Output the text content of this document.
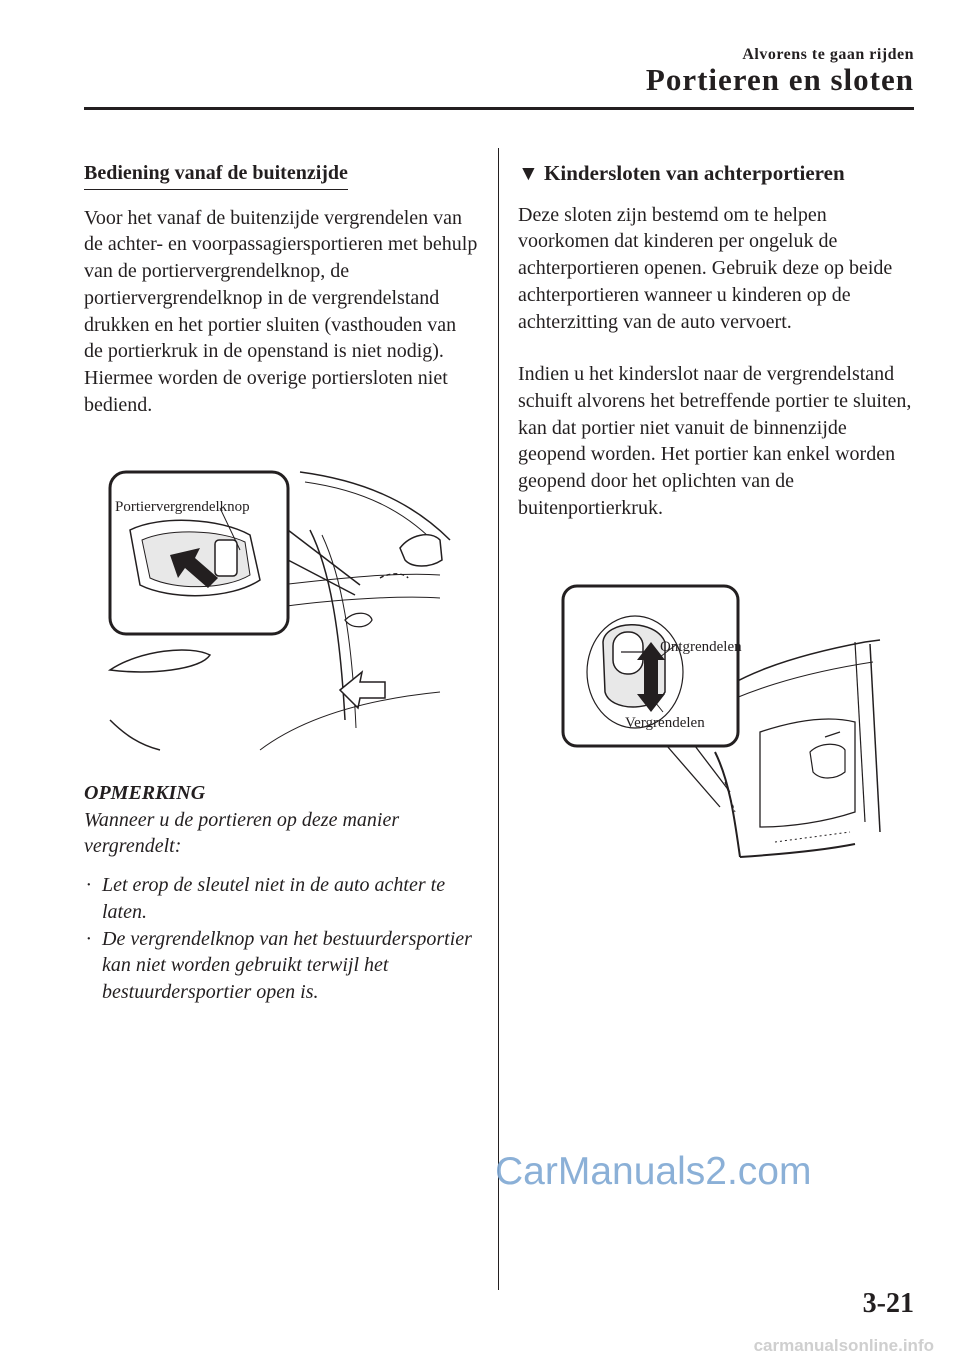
Alvorens te gaan rijden
Portieren en sloten
Bediening vanaf de buitenzijde

Voor het vanaf de buitenzijde vergrendelen van de achter- en voorpassagiersportieren met behulp van de portiervergrendelknop, de portiervergrendelknop in de vergrendelstand drukken en het portier sluiten (vasthouden van de portierkruk in de openstand is niet nodig).

Hiermee worden de overige portiersloten niet bediend.

Portiervergrendelknop
OPMERKING
Wanneer u de portieren op deze manier vergrendelt:
· Let erop de sleutel niet in de auto achter te laten.
· De vergrendelknop van het bestuurdersportier kan niet worden gebruikt terwijl het bestuurdersportier open is.
▼ Kindersloten van achterportieren

Deze sloten zijn bestemd om te helpen voorkomen dat kinderen per ongeluk de achterportieren openen. Gebruik deze op beide achterportieren wanneer u kinderen op de achterzitting van de auto vervoert.

Indien u het kinderslot naar de vergrendelstand schuift alvorens het betreffende portier te sluiten, kan dat portier niet vanuit de binnenzijde geopend worden. Het portier kan enkel worden geopend door het oplichten van de buitenportierkruk.

Ontgrendelen
Vergrendelen
CarManuals2.com
3-21
carmanualsonline.info
